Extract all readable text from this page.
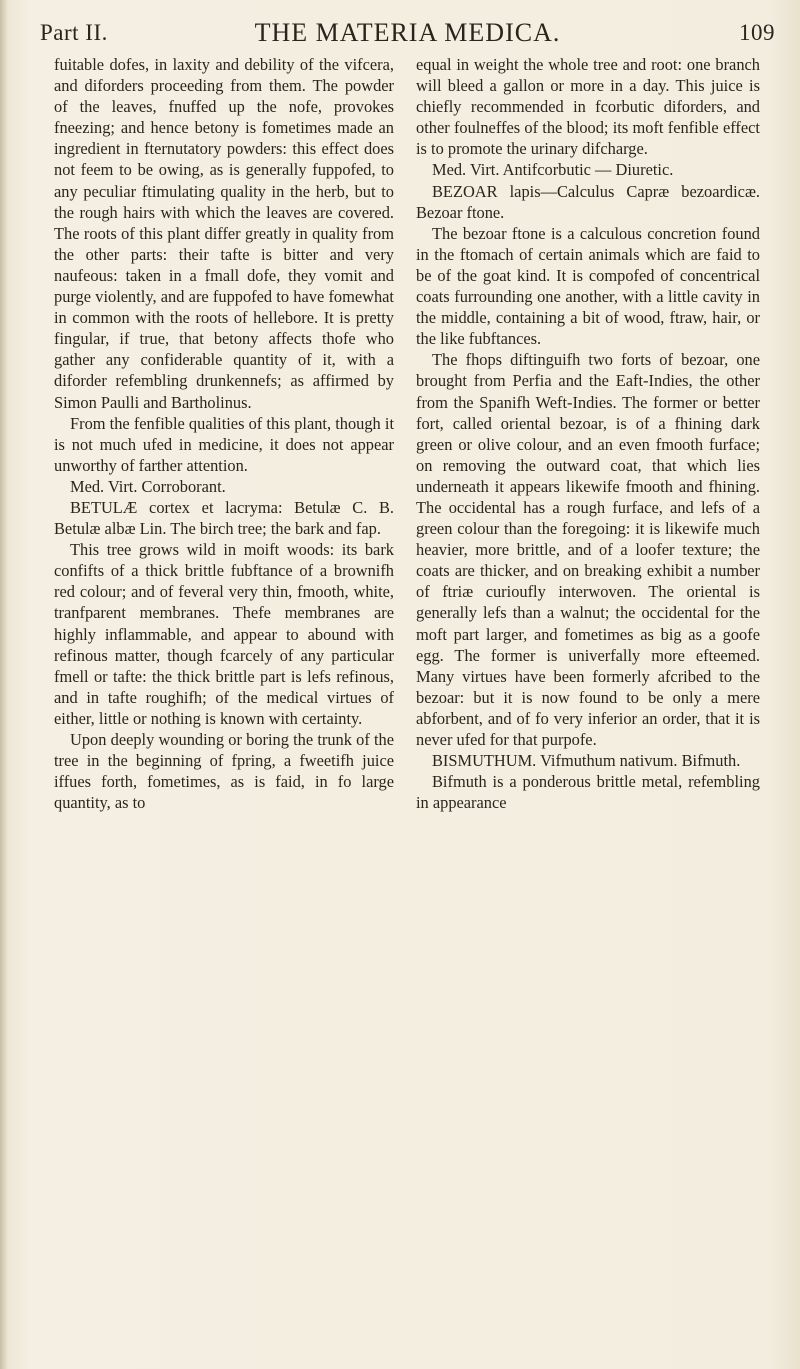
Part II.	THE MATERIA MEDICA.	109

fuitable dofes, in laxity and debility of the vifcera, and diforders proceeding from them. The powder of the leaves, fnuffed up the nofe, provokes fneezing; and hence betony is fometimes made an ingredient in fternutatory powders: this effect does not feem to be owing, as is generally fuppofed, to any peculiar ftimulating quality in the herb, but to the rough hairs with which the leaves are covered. The roots of this plant differ greatly in quality from the other parts: their tafte is bitter and very naufeous: taken in a fmall dofe, they vomit and purge violently, and are fuppofed to have fomewhat in common with the roots of hellebore. It is pretty fingular, if true, that betony affects thofe who gather any confiderable quantity of it, with a diforder refembling drunkennefs; as affirmed by Simon Paulli and Bartholinus.

From the fenfible qualities of this plant, though it is not much ufed in medicine, it does not appear unworthy of farther attention.

Med. Virt. Corroborant.

BETULÆ cortex et lacryma: Betulæ C. B. Betulæ albæ Lin. The birch tree; the bark and fap.

This tree grows wild in moift woods: its bark confifts of a thick brittle fubftance of a brownifh red colour; and of feveral very thin, fmooth, white, tranfparent membranes. Thefe membranes are highly inflammable, and appear to abound with refinous matter, though fcarcely of any particular fmell or tafte: the thick brittle part is lefs refinous, and in tafte roughifh; of the medical virtues of either, little or nothing is known with certainty.

Upon deeply wounding or boring the trunk of the tree in the beginning of fpring, a fweetifh juice iffues forth, fometimes, as is faid, in fo large quantity, as to

equal in weight the whole tree and root: one branch will bleed a gallon or more in a day. This juice is chiefly recommended in fcorbutic diforders, and other foulneffes of the blood; its moft fenfible effect is to promote the urinary difcharge.

Med. Virt. Antifcorbutic — Diuretic.

BEZOAR lapis—Calculus Capræ bezoardicæ. Bezoar ftone.

The bezoar ftone is a calculous concretion found in the ftomach of certain animals which are faid to be of the goat kind. It is compofed of concentrical coats furrounding one another, with a little cavity in the middle, containing a bit of wood, ftraw, hair, or the like fubftances.

The fhops diftinguifh two forts of bezoar, one brought from Perfia and the Eaft-Indies, the other from the Spanifh Weft-Indies. The former or better fort, called oriental bezoar, is of a fhining dark green or olive colour, and an even fmooth furface; on removing the outward coat, that which lies underneath it appears likewife fmooth and fhining. The occidental has a rough furface, and lefs of a green colour than the foregoing: it is likewife much heavier, more brittle, and of a loofer texture; the coats are thicker, and on breaking exhibit a number of ftriæ curioufly interwoven. The oriental is generally lefs than a walnut; the occidental for the moft part larger, and fometimes as big as a goofe egg. The former is univerfally more efteemed. Many virtues have been formerly afcribed to the bezoar: but it is now found to be only a mere abforbent, and of fo very inferior an order, that it is never ufed for that purpofe.

BISMUTHUM. Vifmuthum nativum. Bifmuth.

Bifmuth is a ponderous brittle metal, refembling in appearance
